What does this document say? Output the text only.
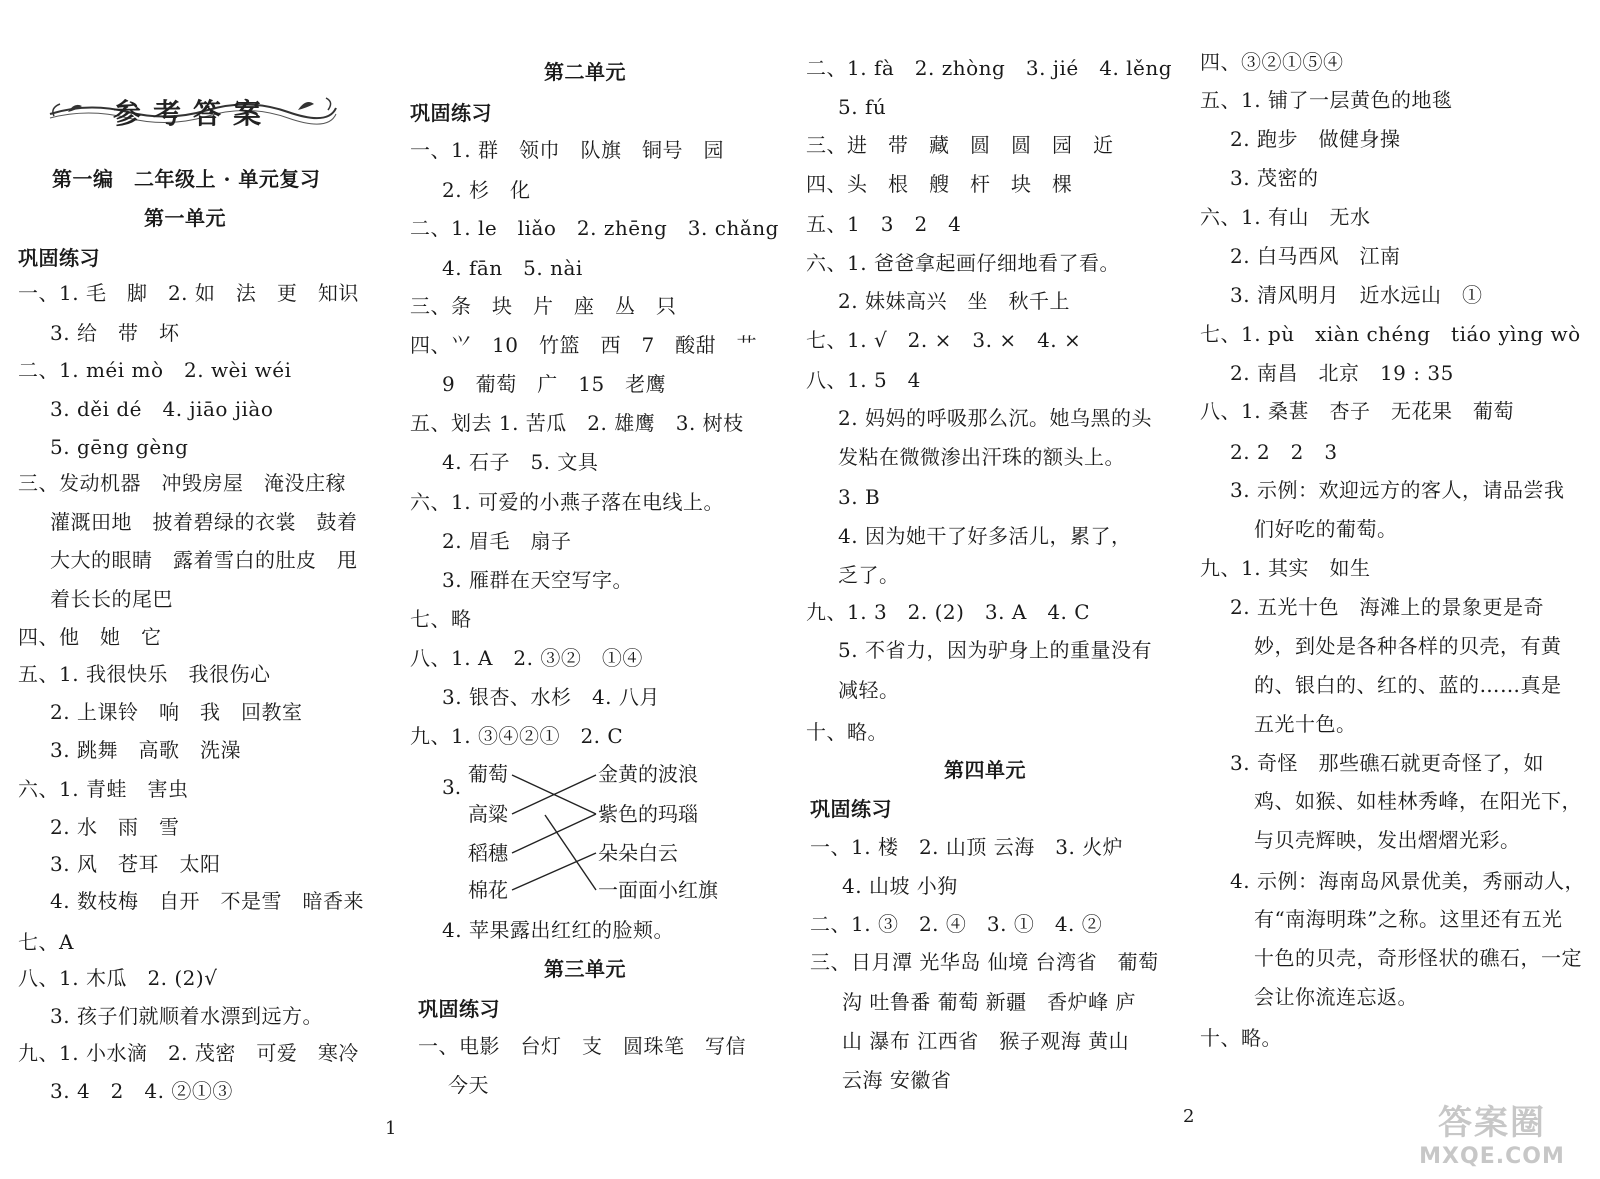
参考答案
第一编　二年级上 · 单元复习
第一单元
巩固练习
一、1. 毛　脚　2. 如　法　更　知识
3. 给　带　坏
二、1. méi mò　2. wèi wéi
3. děi dé　4. jiāo jiào
5. gēng gèng
三、发动机器　冲毁房屋　淹没庄稼
灌溉田地　披着碧绿的衣裳　鼓着
大大的眼睛　露着雪白的肚皮　甩
着长长的尾巴
四、他　她　它
五、1. 我很快乐　我很伤心
2. 上课铃　响　我　回教室
3. 跳舞　高歌　洗澡
六、1. 青蛙　害虫
2. 水　雨　雪
3. 风　苍耳　太阳
4. 数枝梅　自开　不是雪　暗香来
七、A
八、1. 木瓜　2. (2)√
3. 孩子们就顺着水漂到远方。
九、1. 小水滴　2. 茂密　可爱　寒冷
3. 4　2　4. ②①③
第二单元
巩固练习
一、1. 群　领巾　队旗　铜号　园
2. 杉　化
二、1. le　liǎo　2. zhēng　3. chǎng
4. fān　5. nài
三、条　块　片　座　丛　只
四、⺍　10　竹篮　西　7　酸甜　艹
9　葡萄　广　15　老鹰
五、划去 1. 苦瓜　2. 雄鹰　3. 树枝
4. 石子　5. 文具
六、1. 可爱的小燕子落在电线上。
2. 眉毛　扇子
3. 雁群在天空写字。
七、略
八、1. A　2. ③②　①④
3. 银杏、水杉　4. 八月
九、1. ③④②①　2. C
3.
葡萄
高粱
稻穗
棉花
金黄的波浪
紫色的玛瑙
朵朵白云
一面面小红旗
4. 苹果露出红红的脸颊。
第三单元
巩固练习
一、电影　台灯　支　圆珠笔　写信
今天
1
二、1. fà　2. zhòng　3. jié　4. lěng
5. fú
三、进　带　藏　圆　圆　园　近
四、头　根　艘　杆　块　棵
五、1　3　2　4
六、1. 爸爸拿起画仔细地看了看。
2. 妹妹高兴　坐　秋千上
七、1. √　2. ×　3. ×　4. ×
八、1. 5　4
2. 妈妈的呼吸那么沉。她乌黑的头
发粘在微微渗出汗珠的额头上。
3. B
4. 因为她干了好多活儿，累了，
乏了。
九、1. 3　2. (2)　3. A　4. C
5. 不省力，因为驴身上的重量没有
减轻。
十、略。
第四单元
巩固练习
一、1. 楼　2. 山顶 云海　3. 火炉
4. 山坡 小狗
二、1. ③　2. ④　3. ①　4. ②
三、日月潭 光华岛 仙境 台湾省　葡萄
沟 吐鲁番 葡萄 新疆　香炉峰 庐
山 瀑布 江西省　猴子观海 黄山
云海 安徽省
四、③②①⑤④
五、1. 铺了一层黄色的地毯
2. 跑步　做健身操
3. 茂密的
六、1. 有山　无水
2. 白马西风　江南
3. 清风明月　近水远山　①
七、1. pù　xiàn chéng　tiáo yìng wò
2. 南昌　北京　19 : 35
八、1. 桑葚　杏子　无花果　葡萄
2. 2　2　3
3. 示例：欢迎远方的客人，请品尝我
们好吃的葡萄。
九、1. 其实　如生
2. 五光十色　海滩上的景象更是奇
妙，到处是各种各样的贝壳，有黄
的、银白的、红的、蓝的……真是
五光十色。
3. 奇怪　那些礁石就更奇怪了，如
鸡、如猴、如桂林秀峰，在阳光下，
与贝壳辉映，发出熠熠光彩。
4. 示例：海南岛风景优美，秀丽动人，
有“南海明珠”之称。这里还有五光
十色的贝壳，奇形怪状的礁石，一定
会让你流连忘返。
十、略。
2	答案圈
MXQE.COM
